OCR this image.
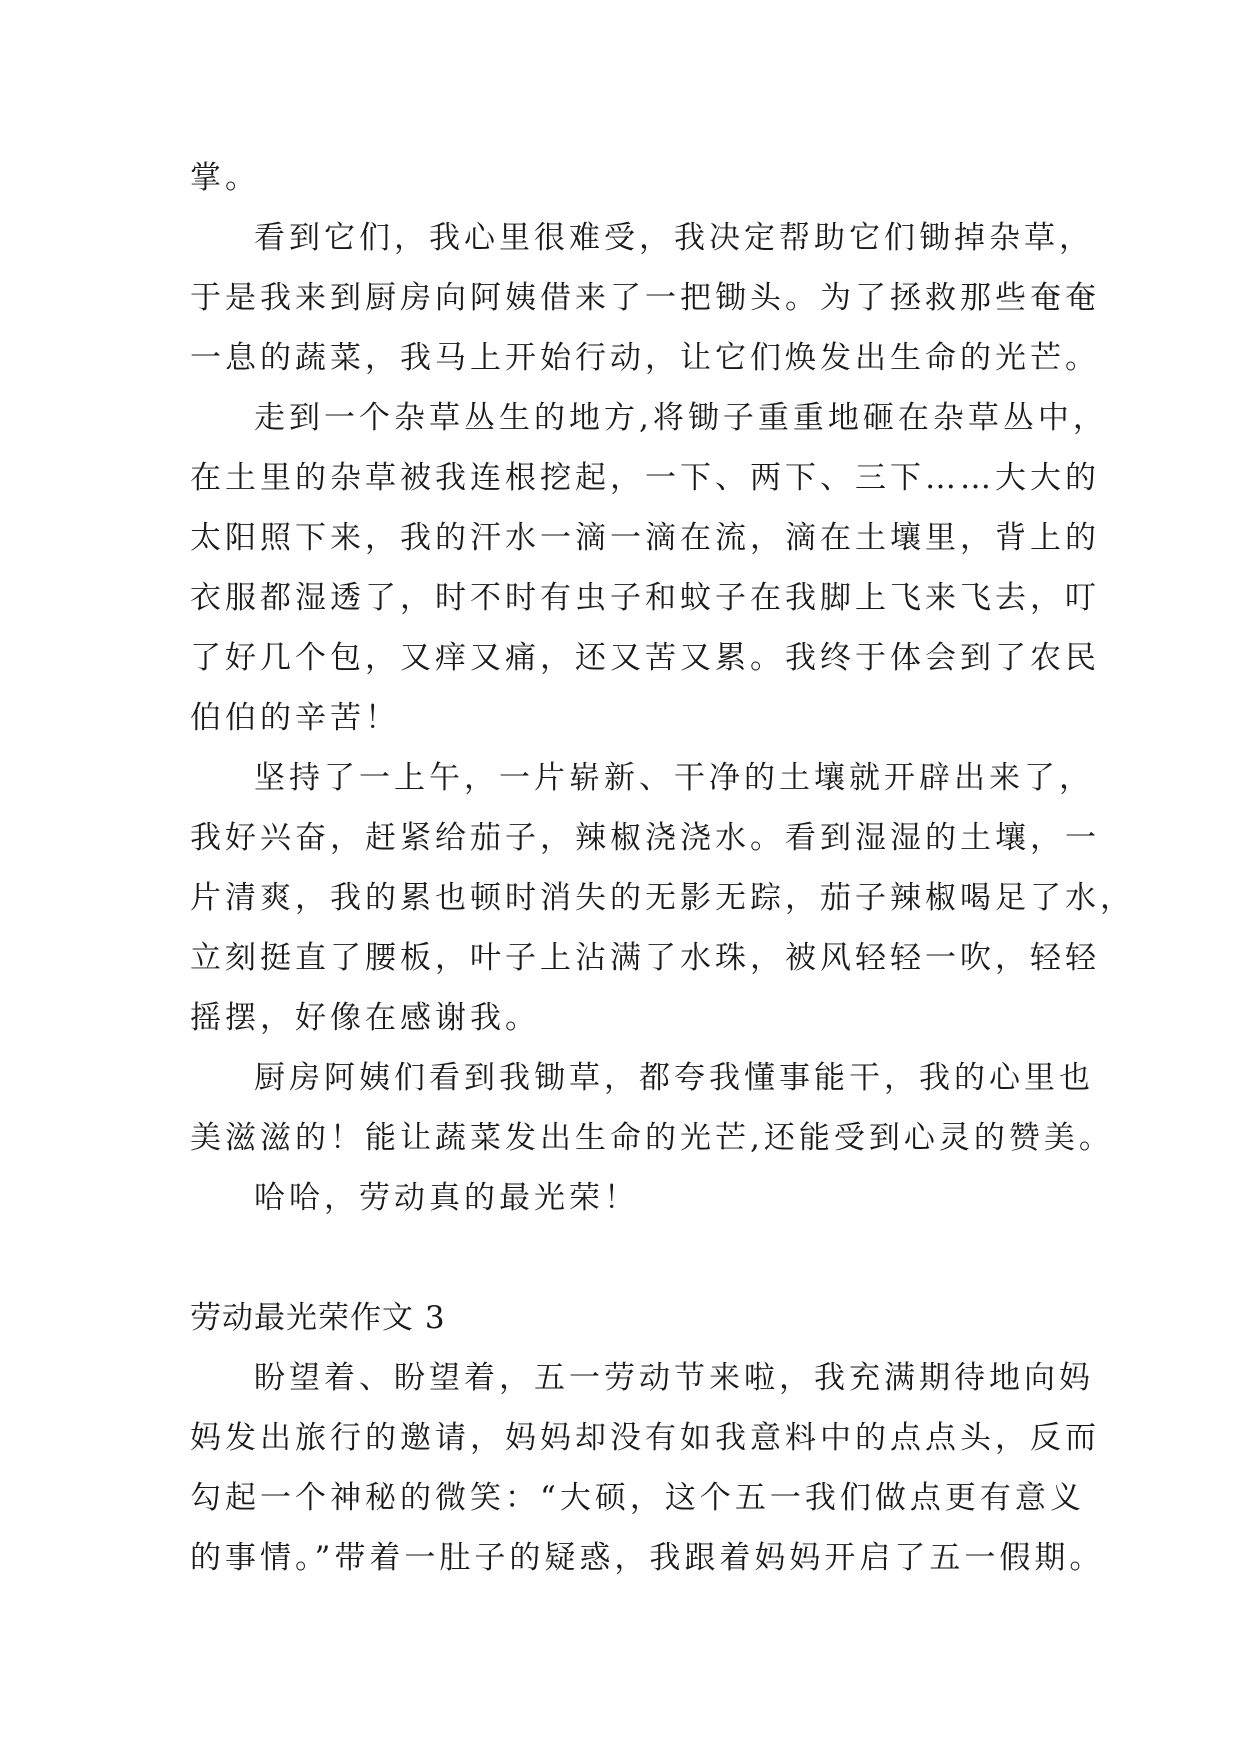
掌。
看到它们，我心里很难受，我决定帮助它们锄掉杂草，
于是我来到厨房向阿姨借来了一把锄头。为了拯救那些奄奄
一息的蔬菜，我马上开始行动，让它们焕发出生命的光芒。
走到一个杂草丛生的地方,将锄子重重地砸在杂草丛中，
在土里的杂草被我连根挖起，一下、两下、三下……大大的
太阳照下来，我的汗水一滴一滴在流，滴在土壤里，背上的
衣服都湿透了，时不时有虫子和蚊子在我脚上飞来飞去，叮
了好几个包，又痒又痛，还又苦又累。我终于体会到了农民
伯伯的辛苦！
坚持了一上午，一片崭新、干净的土壤就开辟出来了，
我好兴奋，赶紧给茄子，辣椒浇浇水。看到湿湿的土壤，一
片清爽，我的累也顿时消失的无影无踪，茄子辣椒喝足了水，
立刻挺直了腰板，叶子上沾满了水珠，被风轻轻一吹，轻轻
摇摆，好像在感谢我。
厨房阿姨们看到我锄草，都夸我懂事能干，我的心里也
美滋滋的！能让蔬菜发出生命的光芒,还能受到心灵的赞美。
哈哈，劳动真的最光荣！
劳动最光荣作文 3
盼望着、盼望着，五一劳动节来啦，我充满期待地向妈
妈发出旅行的邀请，妈妈却没有如我意料中的点点头，反而
勾起一个神秘的微笑：“大硕，这个五一我们做点更有意义
的事情。”带着一肚子的疑惑，我跟着妈妈开启了五一假期。
